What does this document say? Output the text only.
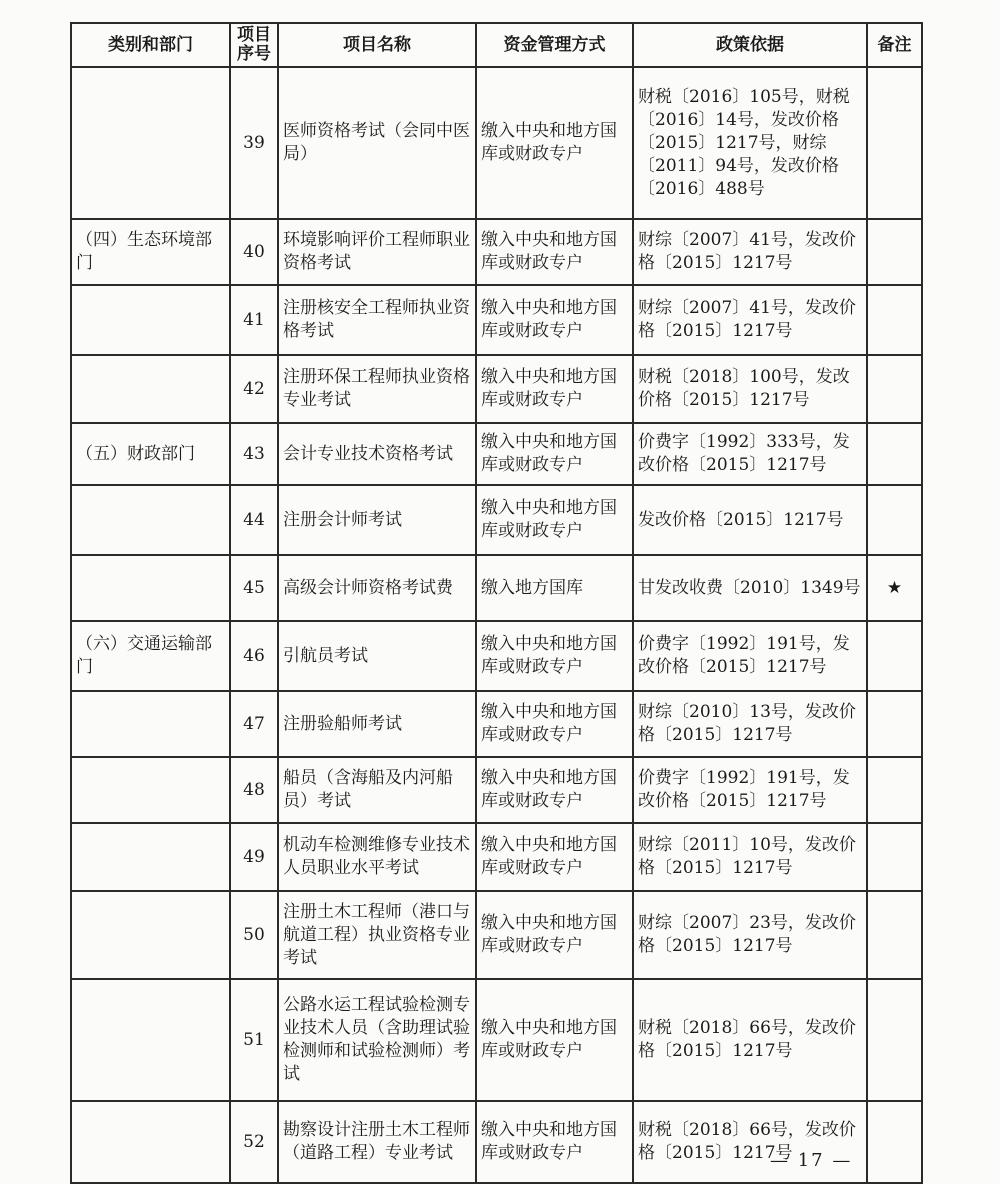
类别和部门	项目序号	项目名称	资金管理方式	政策依据	备注
	39	医师资格考试（会同中医局）	缴入中央和地方国库或财政专户	财税〔2016〕105号，财税〔2016〕14号，发改价格〔2015〕1217号，财综〔2011〕94号，发改价格〔2016〕488号	
（四）生态环境部门	40	环境影响评价工程师职业资格考试	缴入中央和地方国库或财政专户	财综〔2007〕41号，发改价格〔2015〕1217号	
	41	注册核安全工程师执业资格考试	缴入中央和地方国库或财政专户	财综〔2007〕41号，发改价格〔2015〕1217号	
	42	注册环保工程师执业资格专业考试	缴入中央和地方国库或财政专户	财税〔2018〕100号，发改价格〔2015〕1217号	
（五）财政部门	43	会计专业技术资格考试	缴入中央和地方国库或财政专户	价费字〔1992〕333号，发改价格〔2015〕1217号	
	44	注册会计师考试	缴入中央和地方国库或财政专户	发改价格〔2015〕1217号	
	45	高级会计师资格考试费	缴入地方国库	甘发改收费〔2010〕1349号	★
（六）交通运输部门	46	引航员考试	缴入中央和地方国库或财政专户	价费字〔1992〕191号，发改价格〔2015〕1217号	
	47	注册验船师考试	缴入中央和地方国库或财政专户	财综〔2010〕13号，发改价格〔2015〕1217号	
	48	船员（含海船及内河船员）考试	缴入中央和地方国库或财政专户	价费字〔1992〕191号，发改价格〔2015〕1217号	
	49	机动车检测维修专业技术人员职业水平考试	缴入中央和地方国库或财政专户	财综〔2011〕10号，发改价格〔2015〕1217号	
	50	注册土木工程师（港口与航道工程）执业资格专业考试	缴入中央和地方国库或财政专户	财综〔2007〕23号，发改价格〔2015〕1217号	
	51	公路水运工程试验检测专业技术人员（含助理试验检测师和试验检测师）考试	缴入中央和地方国库或财政专户	财税〔2018〕66号，发改价格〔2015〕1217号	
	52	勘察设计注册土木工程师（道路工程）专业考试	缴入中央和地方国库或财政专户	财税〔2018〕66号，发改价格〔2015〕1217号	
— 17 —
